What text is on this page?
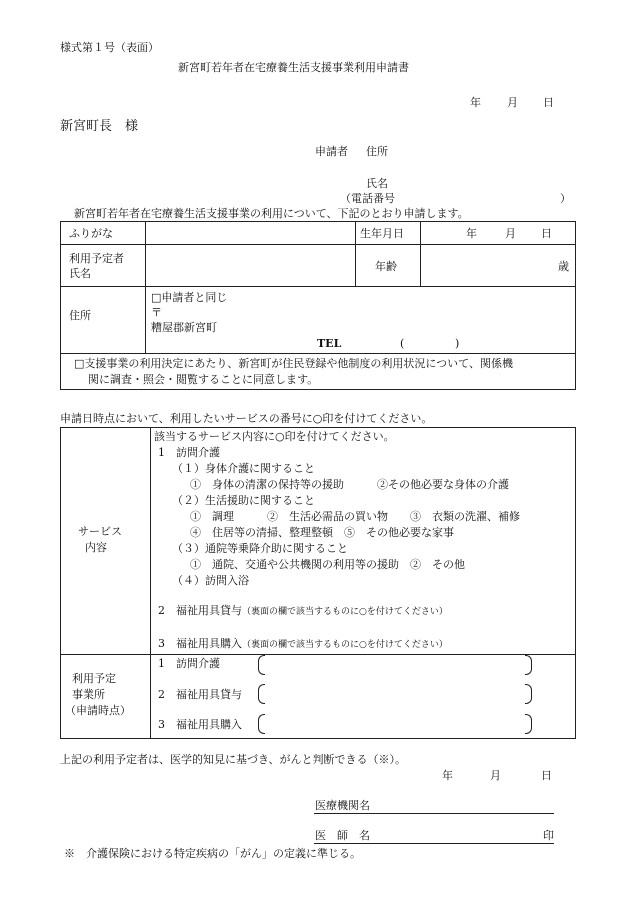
様式第１号（表面）
新宮町若年者在宅療養生活支援事業利用申請書
年 月 日
新宮町長　様
申請者 住所
氏名
（電話番号	）
新宮町若年者在宅療養生活支援事業の利用について、下記のとおり申請します。
ふりがな	生年月日	年	月 日
利用予定者
氏名
年齢	歳
住所
□申請者と同じ
〒
糟屋郡新宮町
TEL	(	)
□支援事業の利用決定にあたり、新宮町が住民登録や他制度の利用状況について、関係機
関に調査・照会・閲覧することに同意します。
申請日時点において、利用したいサービスの番号に○印を付けてください。
サービス
内容
該当するサービス内容に○印を付けてください。
1　訪問介護
（１）身体介護に関すること
①　身体の清潔の保持等の援助　　　②その他必要な身体の介護
（２）生活援助に関すること
①　調理　　　②　生活必需品の買い物　　③　衣類の洗濯、補修
④　住居等の清掃、整理整頓　⑤　その他必要な家事
（３）通院等乗降介助に関すること
①　通院、交通や公共機関の利用等の援助　②　その他
（４）訪問入浴
2　福祉用具貸与（裏面の欄で該当するものに○を付けてください）
3　福祉用具購入（裏面の欄で該当するものに○を付けてください）
利用予定
事業所
（申請時点）
1　訪問介護
2　福祉用具貸与
3　福祉用具購入
上記の利用予定者は、医学的知見に基づき、がんと判断できる（※）。
年	月	日
医療機関名
医　師　名	印
※　介護保険における特定疾病の「がん」の定義に準じる。
